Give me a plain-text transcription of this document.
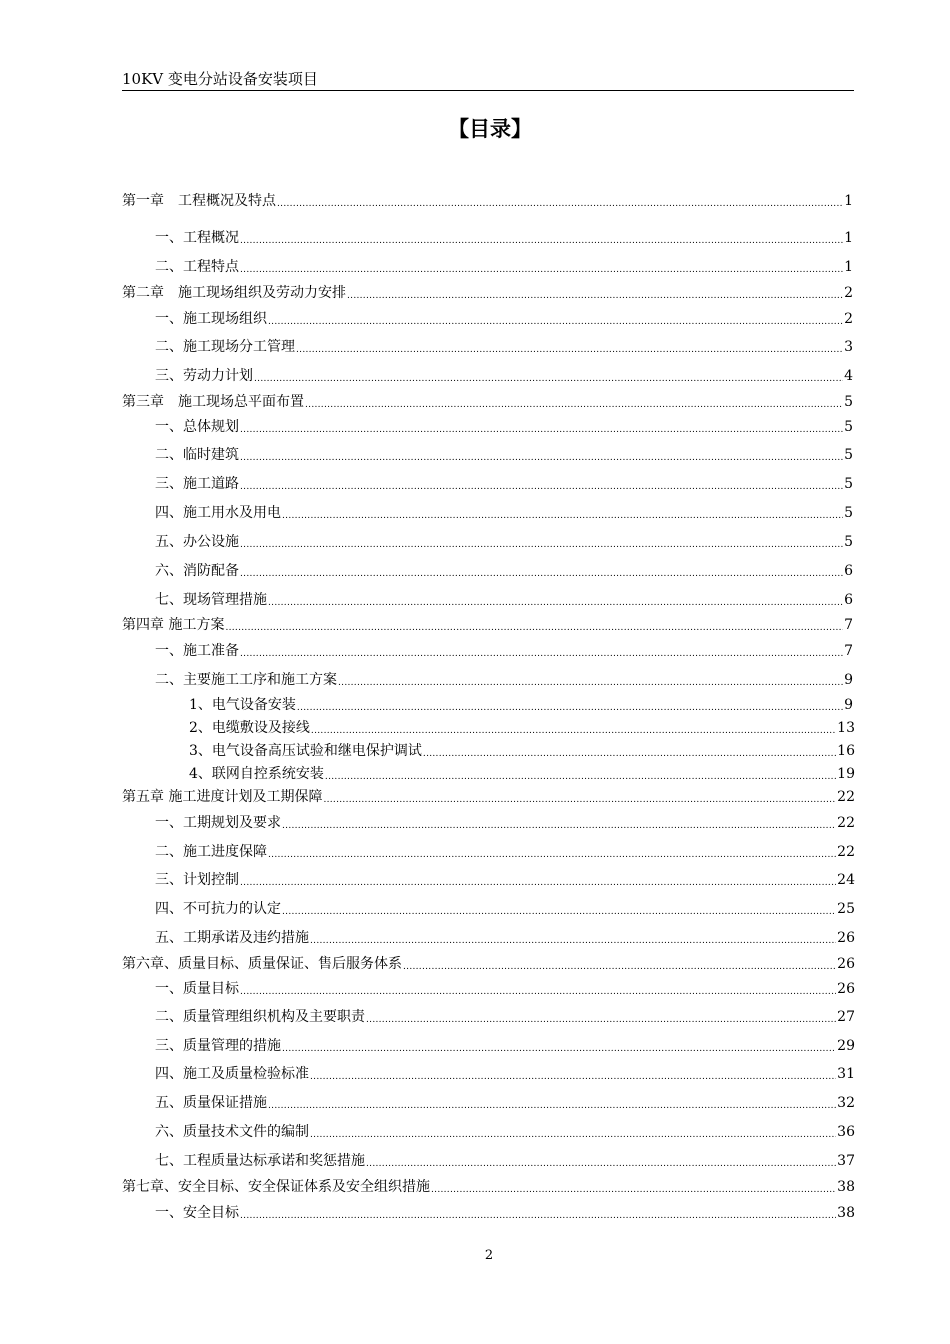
10KV 变电分站设备安装项目
【目录】
第一章　工程概况及特点 .....	1
一、工程概况 .....	1
二、工程特点 .....	1
第二章　施工现场组织及劳动力安排 .....	2
一、施工现场组织 .....	2
二、施工现场分工管理 .....	3
三、劳动力计划 .....	4
第三章　施工现场总平面布置 .....	5
一、总体规划 .....	5
二、临时建筑 .....	5
三、施工道路 .....	5
四、施工用水及用电 .....	5
五、办公设施 .....	5
六、消防配备 .....	6
七、现场管理措施 .....	6
第四章 施工方案 .....	7
一、施工准备 .....	7
二、主要施工工序和施工方案 .....	9
1、电气设备安装 .....	9
2、电缆敷设及接线 .....	13
3、电气设备高压试验和继电保护调试 .....	16
4、联网自控系统安装 .....	19
第五章 施工进度计划及工期保障 .....	22
一、工期规划及要求 .....	22
二、施工进度保障 .....	22
三、计划控制 .....	24
四、不可抗力的认定 .....	25
五、工期承诺及违约措施 .....	26
第六章、质量目标、质量保证、售后服务体系 .....	26
一、质量目标 .....	26
二、质量管理组织机构及主要职责 .....	27
三、质量管理的措施 .....	29
四、施工及质量检验标准 .....	31
五、质量保证措施 .....	32
六、质量技术文件的编制 .....	36
七、工程质量达标承诺和奖惩措施 .....	37
第七章、安全目标、安全保证体系及安全组织措施 .....	38
一、安全目标 .....	38
2
